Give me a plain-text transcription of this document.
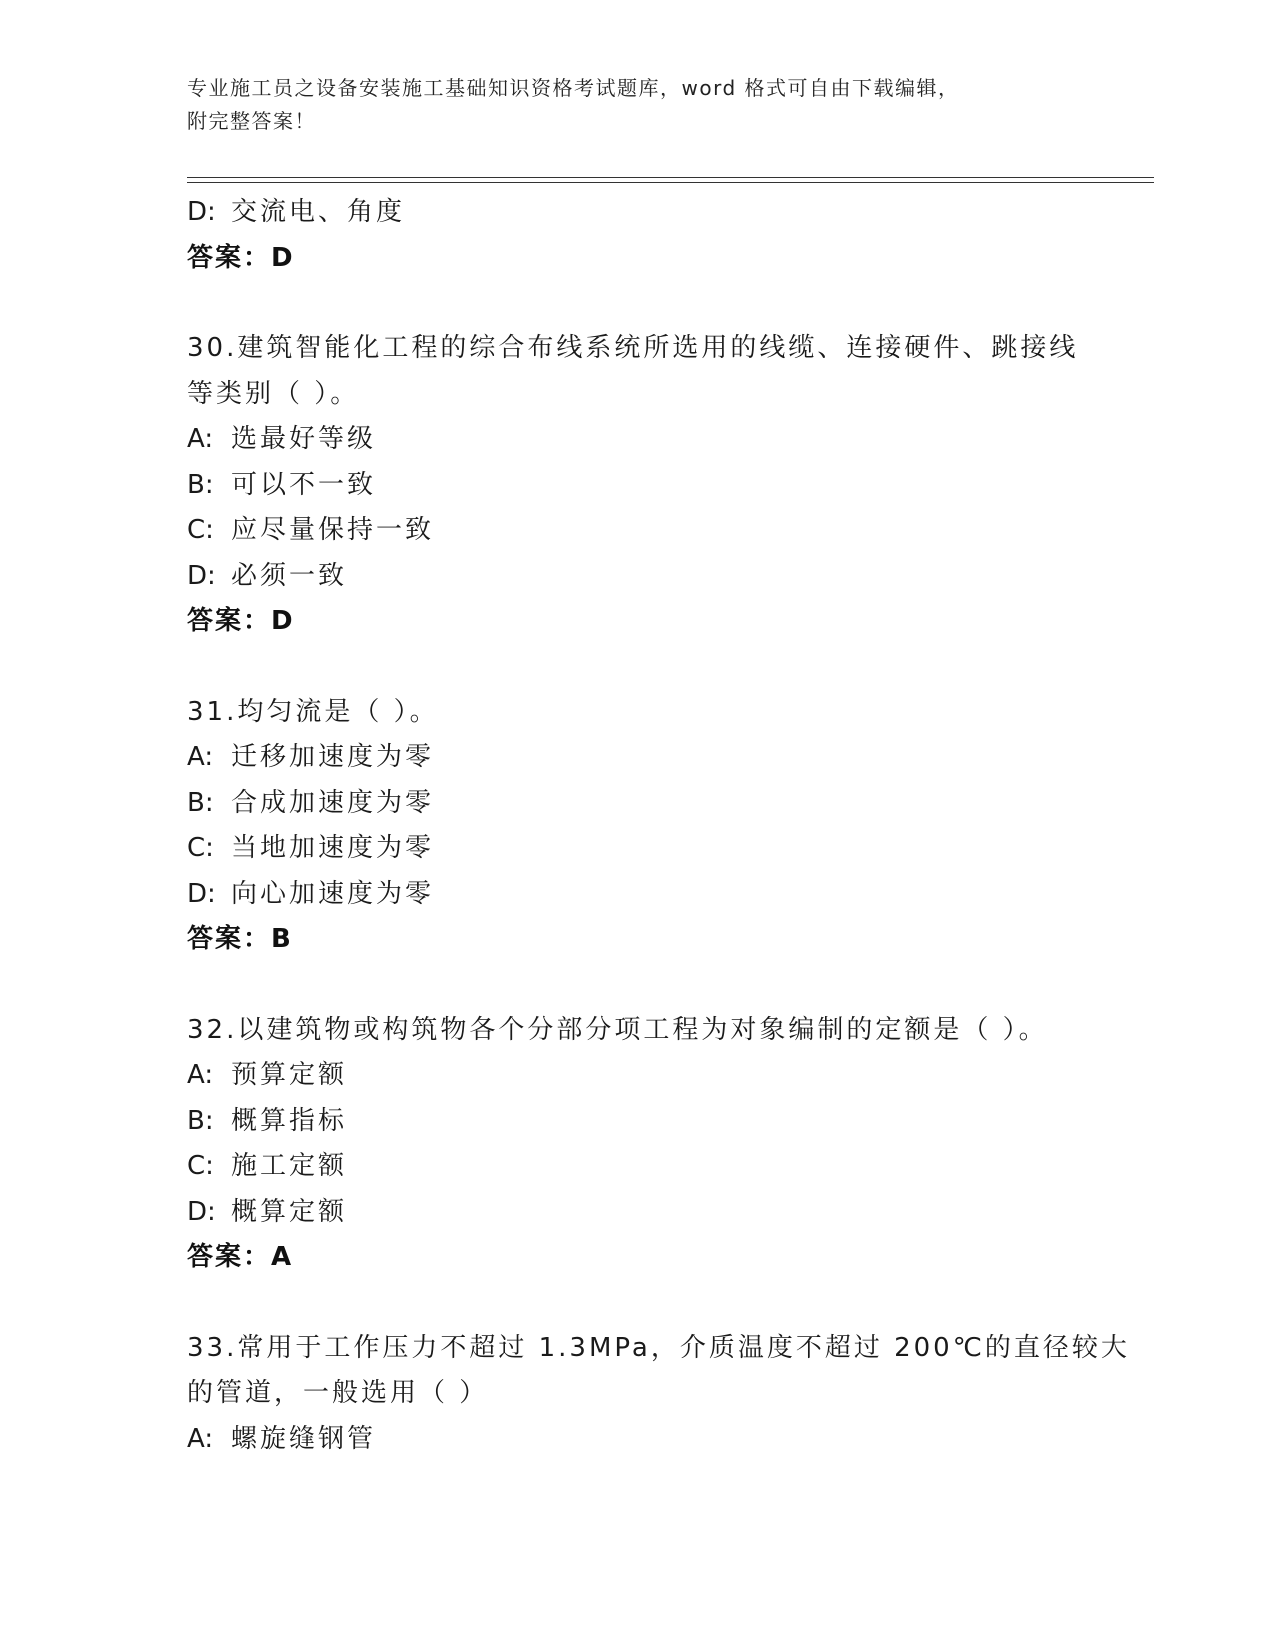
专业施工员之设备安装施工基础知识资格考试题库，word 格式可自由下载编辑，
附完整答案！
D: 交流电、角度
答案：D
30.建筑智能化工程的综合布线系统所选用的线缆、连接硬件、跳接线
等类别（ ）。
A: 选最好等级
B: 可以不一致
C: 应尽量保持一致
D: 必须一致
答案：D
31.均匀流是（ ）。
A: 迁移加速度为零
B: 合成加速度为零
C: 当地加速度为零
D: 向心加速度为零
答案：B
32.以建筑物或构筑物各个分部分项工程为对象编制的定额是（ ）。
A: 预算定额
B: 概算指标
C: 施工定额
D: 概算定额
答案：A
33.常用于工作压力不超过 1.3MPa，介质温度不超过 200℃的直径较大
的管道，一般选用（ ）
A: 螺旋缝钢管
